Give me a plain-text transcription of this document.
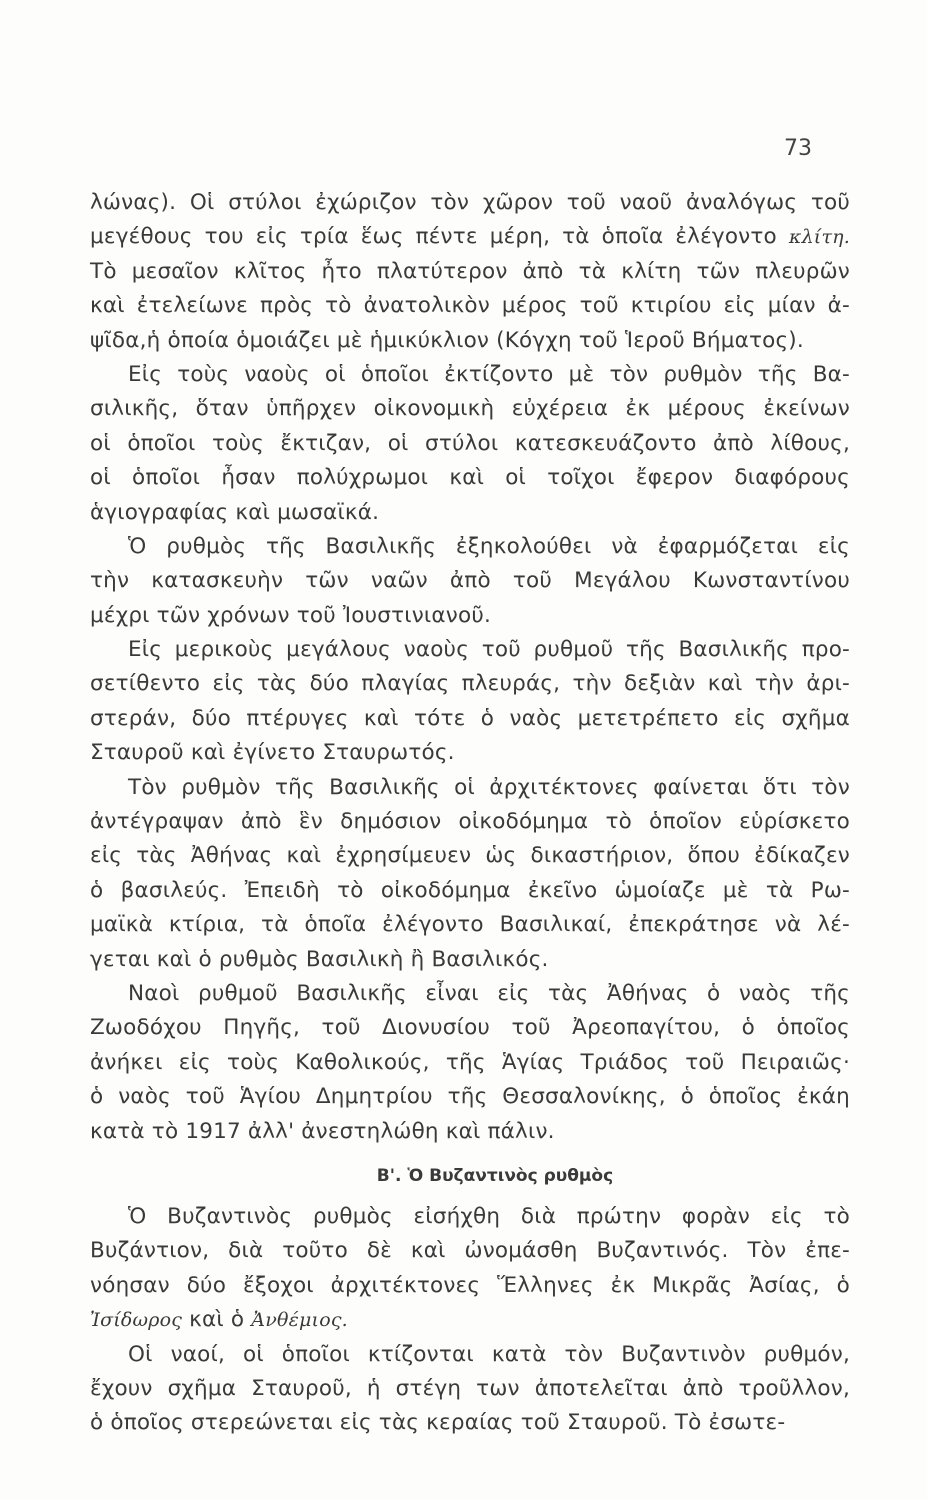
73
λώνας). Οἱ στύλοι ἐχώριζον τὸν χῶρον τοῦ ναοῦ ἀναλόγως τοῦ
μεγέθους του εἰς τρία ἕως πέντε μέρη, τὰ ὁποῖα ἐλέγοντο κλίτη.
Τὸ μεσαῖον κλῖτος ἦτο πλατύτερον ἀπὸ τὰ κλίτη τῶν πλευρῶν
καὶ ἐτελείωνε πρὸς τὸ ἀνατολικὸν μέρος τοῦ κτιρίου εἰς μίαν ἀ-
ψῖδα,ἡ ὁποία ὁμοιάζει μὲ ἡμικύκλιον (Κόγχη τοῦ Ἱεροῦ Βήματος).
Εἰς τοὺς ναοὺς οἱ ὁποῖοι ἐκτίζοντο μὲ τὸν ρυθμὸν τῆς Βα-
σιλικῆς, ὅταν ὑπῆρχεν οἰκονομικὴ εὐχέρεια ἐκ μέρους ἐκείνων
οἱ ὁποῖοι τοὺς ἔκτιζαν, οἱ στύλοι κατεσκευάζοντο ἀπὸ λίθους,
οἱ ὁποῖοι ἦσαν πολύχρωμοι καὶ οἱ τοῖχοι ἔφερον διαφόρους
ἁγιογραφίας καὶ μωσαϊκά.
Ὁ ρυθμὸς τῆς Βασιλικῆς ἐξηκολούθει νὰ ἐφαρμόζεται εἰς
τὴν κατασκευὴν τῶν ναῶν ἀπὸ τοῦ Μεγάλου Κωνσταντίνου
μέχρι τῶν χρόνων τοῦ Ἰουστινιανοῦ.
Εἰς μερικοὺς μεγάλους ναοὺς τοῦ ρυθμοῦ τῆς Βασιλικῆς προ-
σετίθεντο εἰς τὰς δύο πλαγίας πλευράς, τὴν δεξιὰν καὶ τὴν ἀρι-
στεράν, δύο πτέρυγες καὶ τότε ὁ ναὸς μετετρέπετο εἰς σχῆμα
Σταυροῦ καὶ ἐγίνετο Σταυρωτός.
Τὸν ρυθμὸν τῆς Βασιλικῆς οἱ ἀρχιτέκτονες φαίνεται ὅτι τὸν
ἀντέγραψαν ἀπὸ ἓν δημόσιον οἰκοδόμημα τὸ ὁποῖον εὑρίσκετο
εἰς τὰς Ἀθήνας καὶ ἐχρησίμευεν ὡς δικαστήριον, ὅπου ἐδίκαζεν
ὁ βασιλεύς. Ἐπειδὴ τὸ οἰκοδόμημα ἐκεῖνο ὡμοίαζε μὲ τὰ Ρω-
μαϊκὰ κτίρια, τὰ ὁποῖα ἐλέγοντο Βασιλικαί, ἐπεκράτησε νὰ λέ-
γεται καὶ ὁ ρυθμὸς Βασιλικὴ ἢ Βασιλικός.
Ναοὶ ρυθμοῦ Βασιλικῆς εἶναι εἰς τὰς Ἀθήνας ὁ ναὸς τῆς
Ζωοδόχου Πηγῆς, τοῦ Διονυσίου τοῦ Ἀρεοπαγίτου, ὁ ὁποῖος
ἀνήκει εἰς τοὺς Καθολικούς, τῆς Ἁγίας Τριάδος τοῦ Πειραιῶς·
ὁ ναὸς τοῦ Ἁγίου Δημητρίου τῆς Θεσσαλονίκης, ὁ ὁποῖος ἐκάη
κατὰ τὸ 1917 ἀλλ' ἀνεστηλώθη καὶ πάλιν.
Β'. Ὁ Βυζαντινὸς ρυθμὸς
Ὁ Βυζαντινὸς ρυθμὸς εἰσήχθη διὰ πρώτην φορὰν εἰς τὸ
Βυζάντιον, διὰ τοῦτο δὲ καὶ ὠνομάσθη Βυζαντινός. Τὸν ἐπε-
νόησαν δύο ἔξοχοι ἀρχιτέκτονες Ἕλληνες ἐκ Μικρᾶς Ἀσίας, ὁ
Ἰσίδωρος καὶ ὁ Ἀνθέμιος.
Οἱ ναοί, οἱ ὁποῖοι κτίζονται κατὰ τὸν Βυζαντινὸν ρυθμόν,
ἔχουν σχῆμα Σταυροῦ, ἡ στέγη των ἀποτελεῖται ἀπὸ τροῦλλον,
ὁ ὁποῖος στερεώνεται εἰς τὰς κεραίας τοῦ Σταυροῦ. Τὸ ἐσωτε-
